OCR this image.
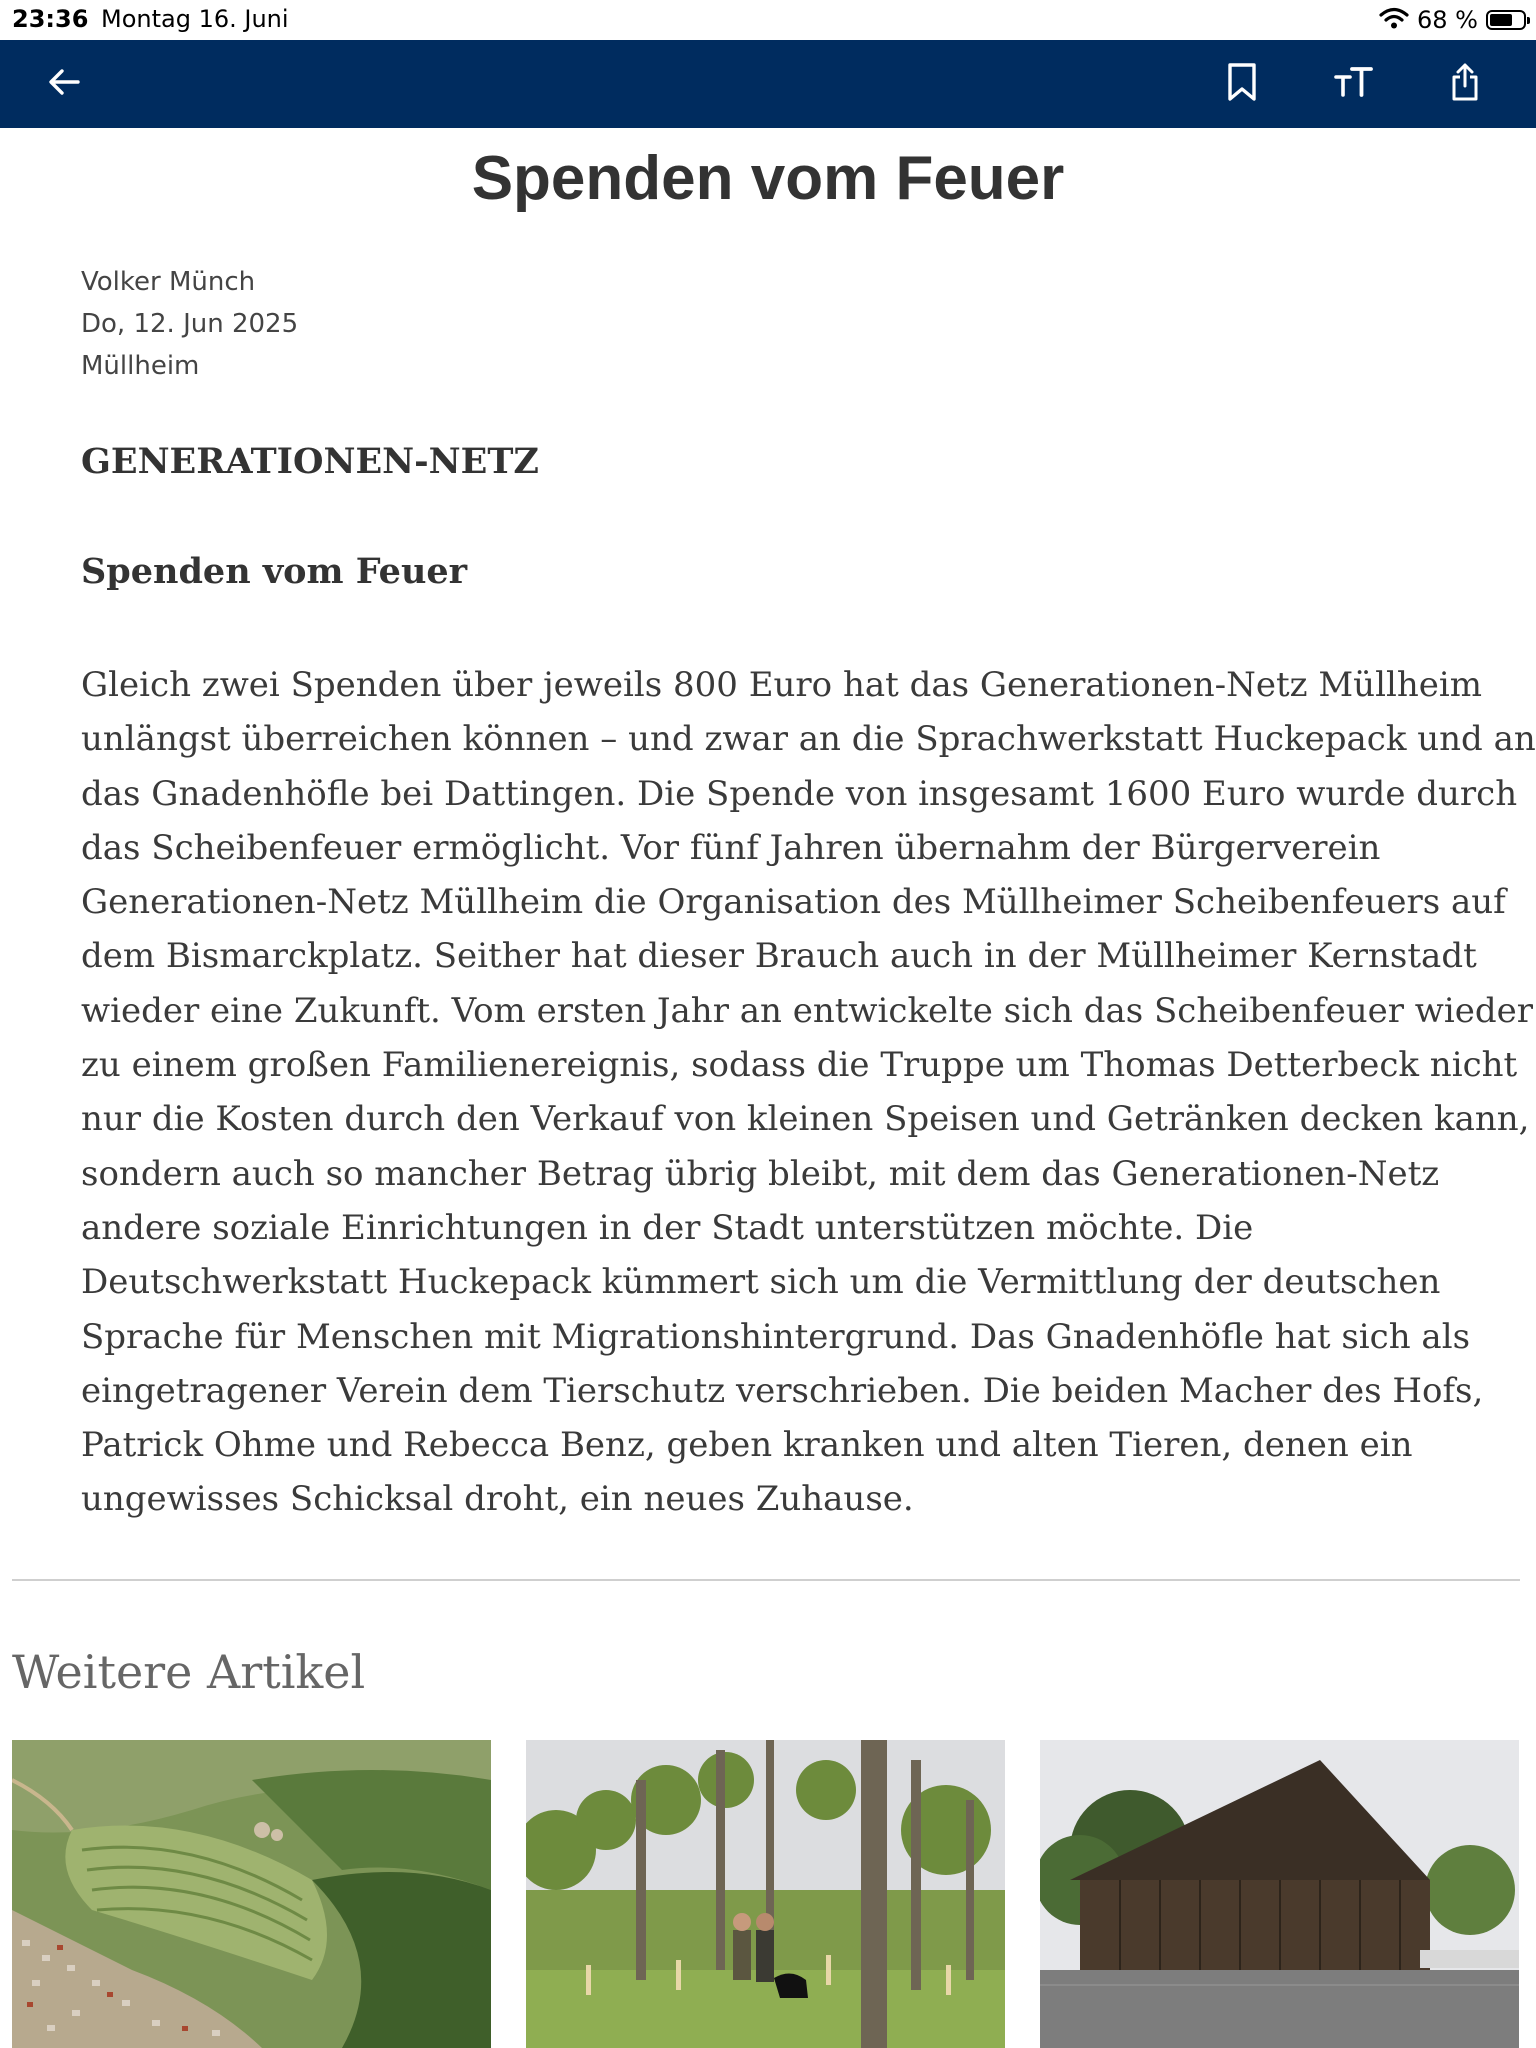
23:36 Montag 16. Juni	68 %
Spenden vom Feuer
Volker Münch
Do, 12. Jun 2025
Müllheim
GENERATIONEN-NETZ
Spenden vom Feuer
Gleich zwei Spenden über jeweils 800 Euro hat das Generationen-Netz Müllheim
unlängst überreichen können – und zwar an die Sprachwerkstatt Huckepack und an
das Gnadenhöfle bei Dattingen. Die Spende von insgesamt 1600 Euro wurde durch
das Scheibenfeuer ermöglicht. Vor fünf Jahren übernahm der Bürgerverein
Generationen-Netz Müllheim die Organisation des Müllheimer Scheibenfeuers auf
dem Bismarckplatz. Seither hat dieser Brauch auch in der Müllheimer Kernstadt
wieder eine Zukunft. Vom ersten Jahr an entwickelte sich das Scheibenfeuer wieder
zu einem großen Familienereignis, sodass die Truppe um Thomas Detterbeck nicht
nur die Kosten durch den Verkauf von kleinen Speisen und Getränken decken kann,
sondern auch so mancher Betrag übrig bleibt, mit dem das Generationen-Netz
andere soziale Einrichtungen in der Stadt unterstützen möchte. Die
Deutschwerkstatt Huckepack kümmert sich um die Vermittlung der deutschen
Sprache für Menschen mit Migrationshintergrund. Das Gnadenhöfle hat sich als
eingetragener Verein dem Tierschutz verschrieben. Die beiden Macher des Hofs,
Patrick Ohme und Rebecca Benz, geben kranken und alten Tieren, denen ein
ungewisses Schicksal droht, ein neues Zuhause.
Weitere Artikel
